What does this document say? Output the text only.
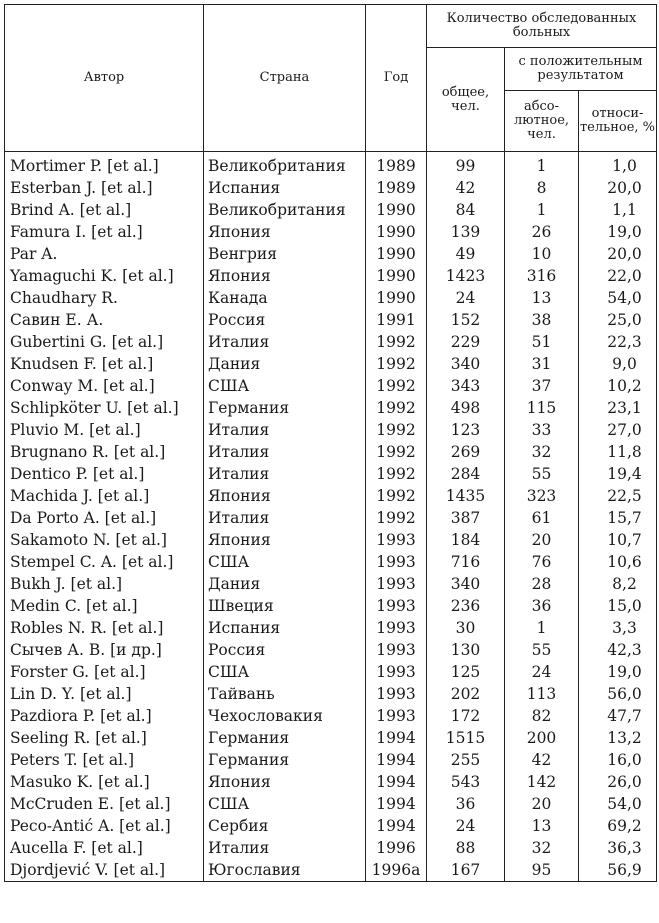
Автор	Страна	Год	Количество обследованных больных		
			общее, чел.	с положительным результатом	
				абсо- лютное, чел.	относи- тельное, %
Mortimer P. [et al.]	Великобритания	1989	99	1	1,0
Esterban J. [et al.]	Испания	1989	42	8	20,0
Brind A. [et al.]	Великобритания	1990	84	1	1,1
Famura I. [et al.]	Япония	1990	139	26	19,0
Par A.	Венгрия	1990	49	10	20,0
Yamaguchi K. [et al.]	Япония	1990	1423	316	22,0
Chaudhary R.	Канада	1990	24	13	54,0
Савин Е. А.	Россия	1991	152	38	25,0
Gubertini G. [et al.]	Италия	1992	229	51	22,3
Knudsen F. [et al.]	Дания	1992	340	31	9,0
Conway M. [et al.]	США	1992	343	37	10,2
Schlipköter U. [et al.]	Германия	1992	498	115	23,1
Pluvio M. [et al.]	Италия	1992	123	33	27,0
Brugnano R. [et al.]	Италия	1992	269	32	11,8
Dentico P. [et al.]	Италия	1992	284	55	19,4
Machida J. [et al.]	Япония	1992	1435	323	22,5
Da Porto A. [et al.]	Италия	1992	387	61	15,7
Sakamoto N. [et al.]	Япония	1993	184	20	10,7
Stempel C. A. [et al.]	США	1993	716	76	10,6
Bukh J. [et al.]	Дания	1993	340	28	8,2
Medin C. [et al.]	Швеция	1993	236	36	15,0
Robles N. R. [et al.]	Испания	1993	30	1	3,3
Сычев А. В. [и др.]	Россия	1993	130	55	42,3
Forster G. [et al.]	США	1993	125	24	19,0
Lin D. Y. [et al.]	Тайвань	1993	202	113	56,0
Pazdiora P. [et al.]	Чехословакия	1993	172	82	47,7
Seeling R. [et al.]	Германия	1994	1515	200	13,2
Peters T. [et al.]	Германия	1994	255	42	16,0
Masuko K. [et al.]	Япония	1994	543	142	26,0
McCruden E. [et al.]	США	1994	36	20	54,0
Peco-Antić A. [et al.]	Сербия	1994	24	13	69,2
Aucella F. [et al.]	Италия	1996	88	32	36,3
Djordjević V. [et al.]	Югославия	1996a	167	95	56,9
